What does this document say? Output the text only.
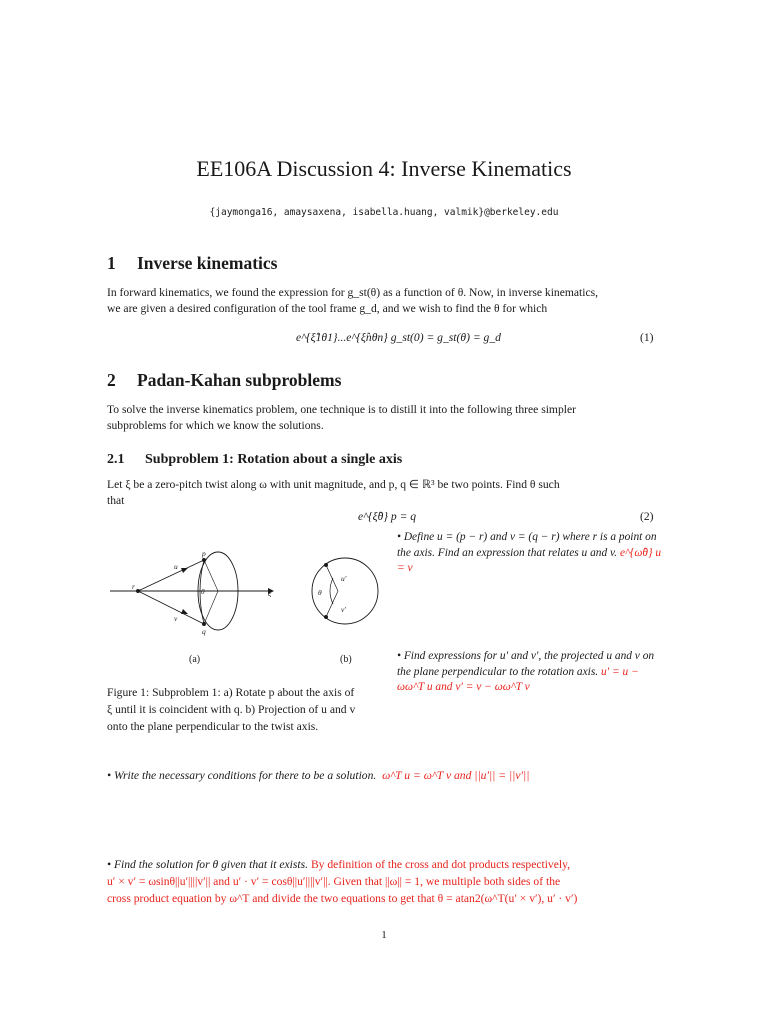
EE106A Discussion 4: Inverse Kinematics
{jaymonga16, amaysaxena, isabella.huang, valmik}@berkeley.edu
1 Inverse kinematics
In forward kinematics, we found the expression for g_st(θ) as a function of θ. Now, in inverse kinematics,
we are given a desired configuration of the tool frame g_d, and we wish to find the θ for which
e^{ξ̂1θ1}...e^{ξ̂nθn} g_st(0) = g_st(θ) = g_d	(1)
2 Padan-Kahan subproblems
To solve the inverse kinematics problem, one technique is to distill it into the following three simpler
subproblems for which we know the solutions.
2.1 Subproblem 1: Rotation about a single axis
Let ξ be a zero-pitch twist along ω with unit magnitude, and p, q ∈ ℝ³ be two points. Find θ such
that
e^{ξ̂θ} p = q	(2)
p
q
r
u
v
θ	ξ
(a)
u′
v′
θ
(b)
Figure 1: Subproblem 1: a) Rotate p about the axis of ξ until it is coincident with q. b) Projection of u and v onto the plane perpendicular to the twist axis.
• Define u = (p − r) and v = (q − r) where r is a point on the axis. Find an expression that relates u and v. e^{ω̂θ} u = v
• Find expressions for u′ and v′, the projected u and v on the plane perpendicular to the rotation axis. u′ = u − ωω^T u and v′ = v − ωω^T v
• Write the necessary conditions for there to be a solution. ω^T u = ω^T v and ||u′|| = ||v′||
• Find the solution for θ given that it exists. By definition of the cross and dot products respectively,
u′ × v′ = ωsinθ||u′||||v′|| and u′ · v′ = cosθ||u′||||v′||. Given that ||ω|| = 1, we multiple both sides of the
cross product equation by ω^T and divide the two equations to get that θ = atan2(ω^T(u′ × v′), u′ · v′)
1
